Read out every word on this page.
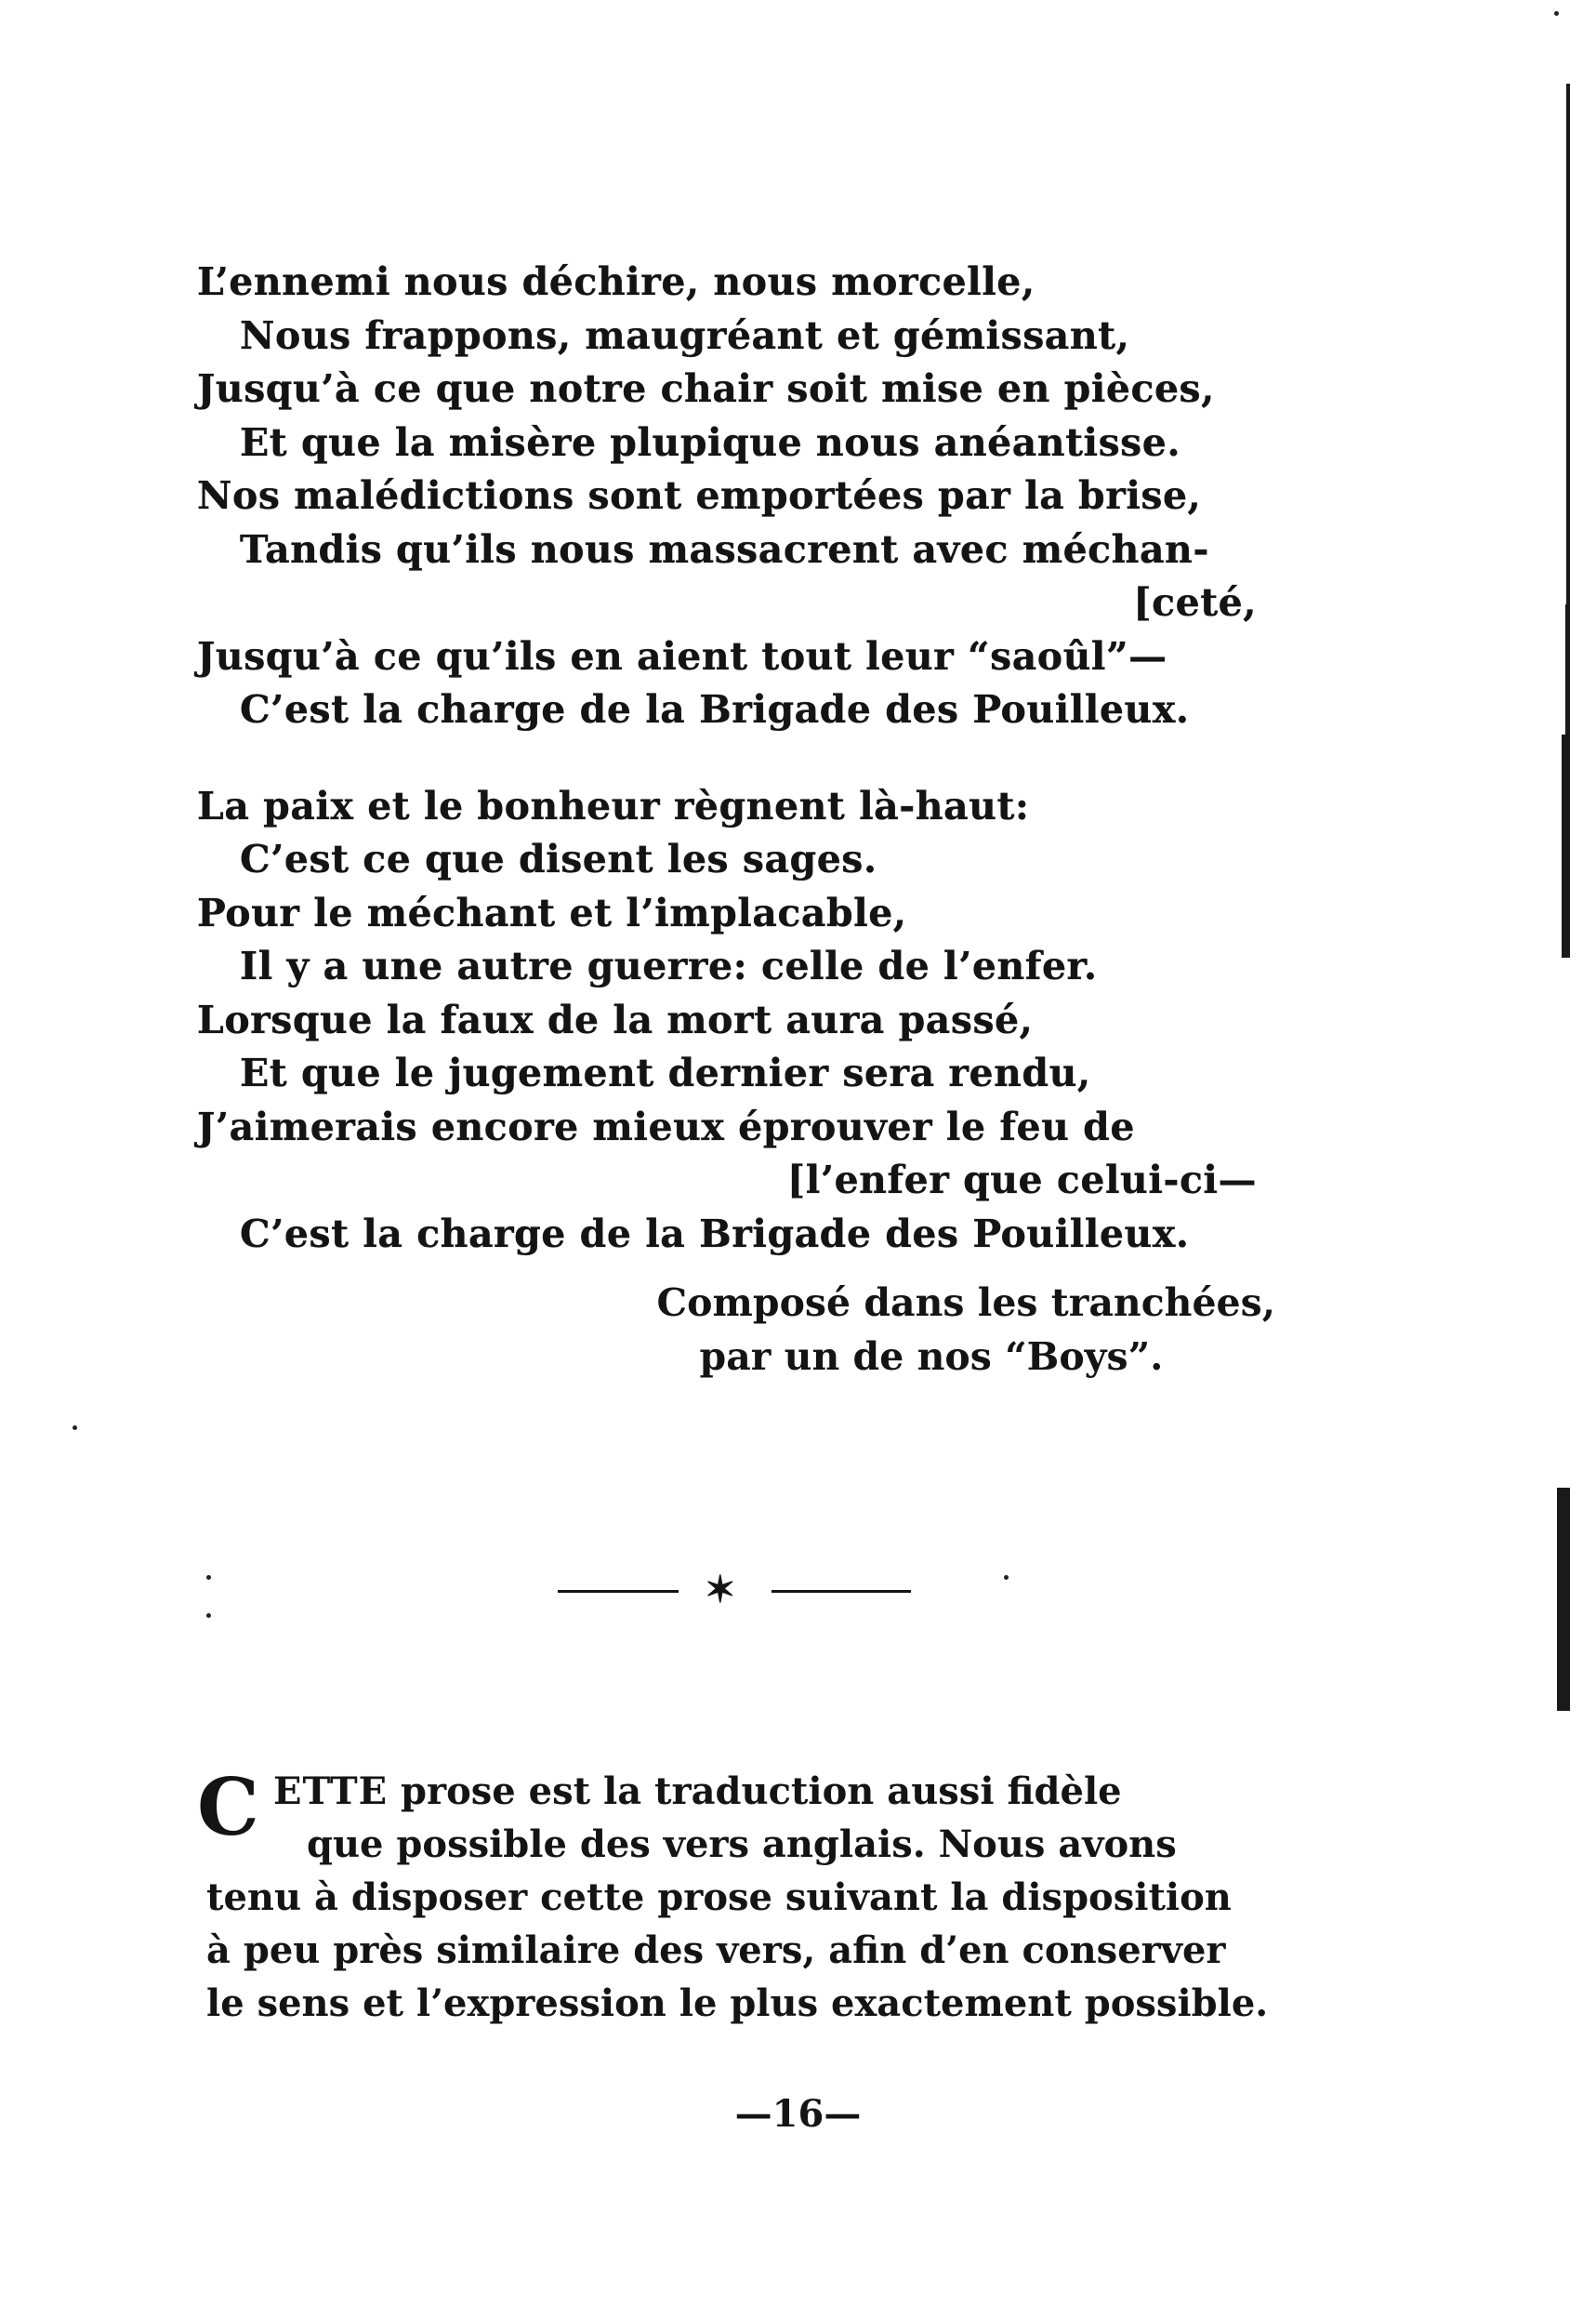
L’ennemi nous déchire, nous morcelle,
Nous frappons, maugréant et gémissant,
Jusqu’à ce que notre chair soit mise en pièces,
Et que la misère plupique nous anéantisse.
Nos malédictions sont emportées par la brise,
Tandis qu’ils nous massacrent avec méchan-
[ceté,
Jusqu’à ce qu’ils en aient tout leur “saoûl”—
C’est la charge de la Brigade des Pouilleux.
La paix et le bonheur règnent là-haut:
C’est ce que disent les sages.
Pour le méchant et l’implacable,
Il y a une autre guerre: celle de l’enfer.
Lorsque la faux de la mort aura passé,
Et que le jugement dernier sera rendu,
J’aimerais encore mieux éprouver le feu de
[l’enfer que celui-ci—
C’est la charge de la Brigade des Pouilleux.
Composé dans les tranchées,
par un de nos “Boys”.
✶
C ETTE prose est la traduction aussi fidèle
que possible des vers anglais. Nous avons
tenu à disposer cette prose suivant la disposition
à peu près similaire des vers, afin d’en conserver
le sens et l’expression le plus exactement possible.
—16—
